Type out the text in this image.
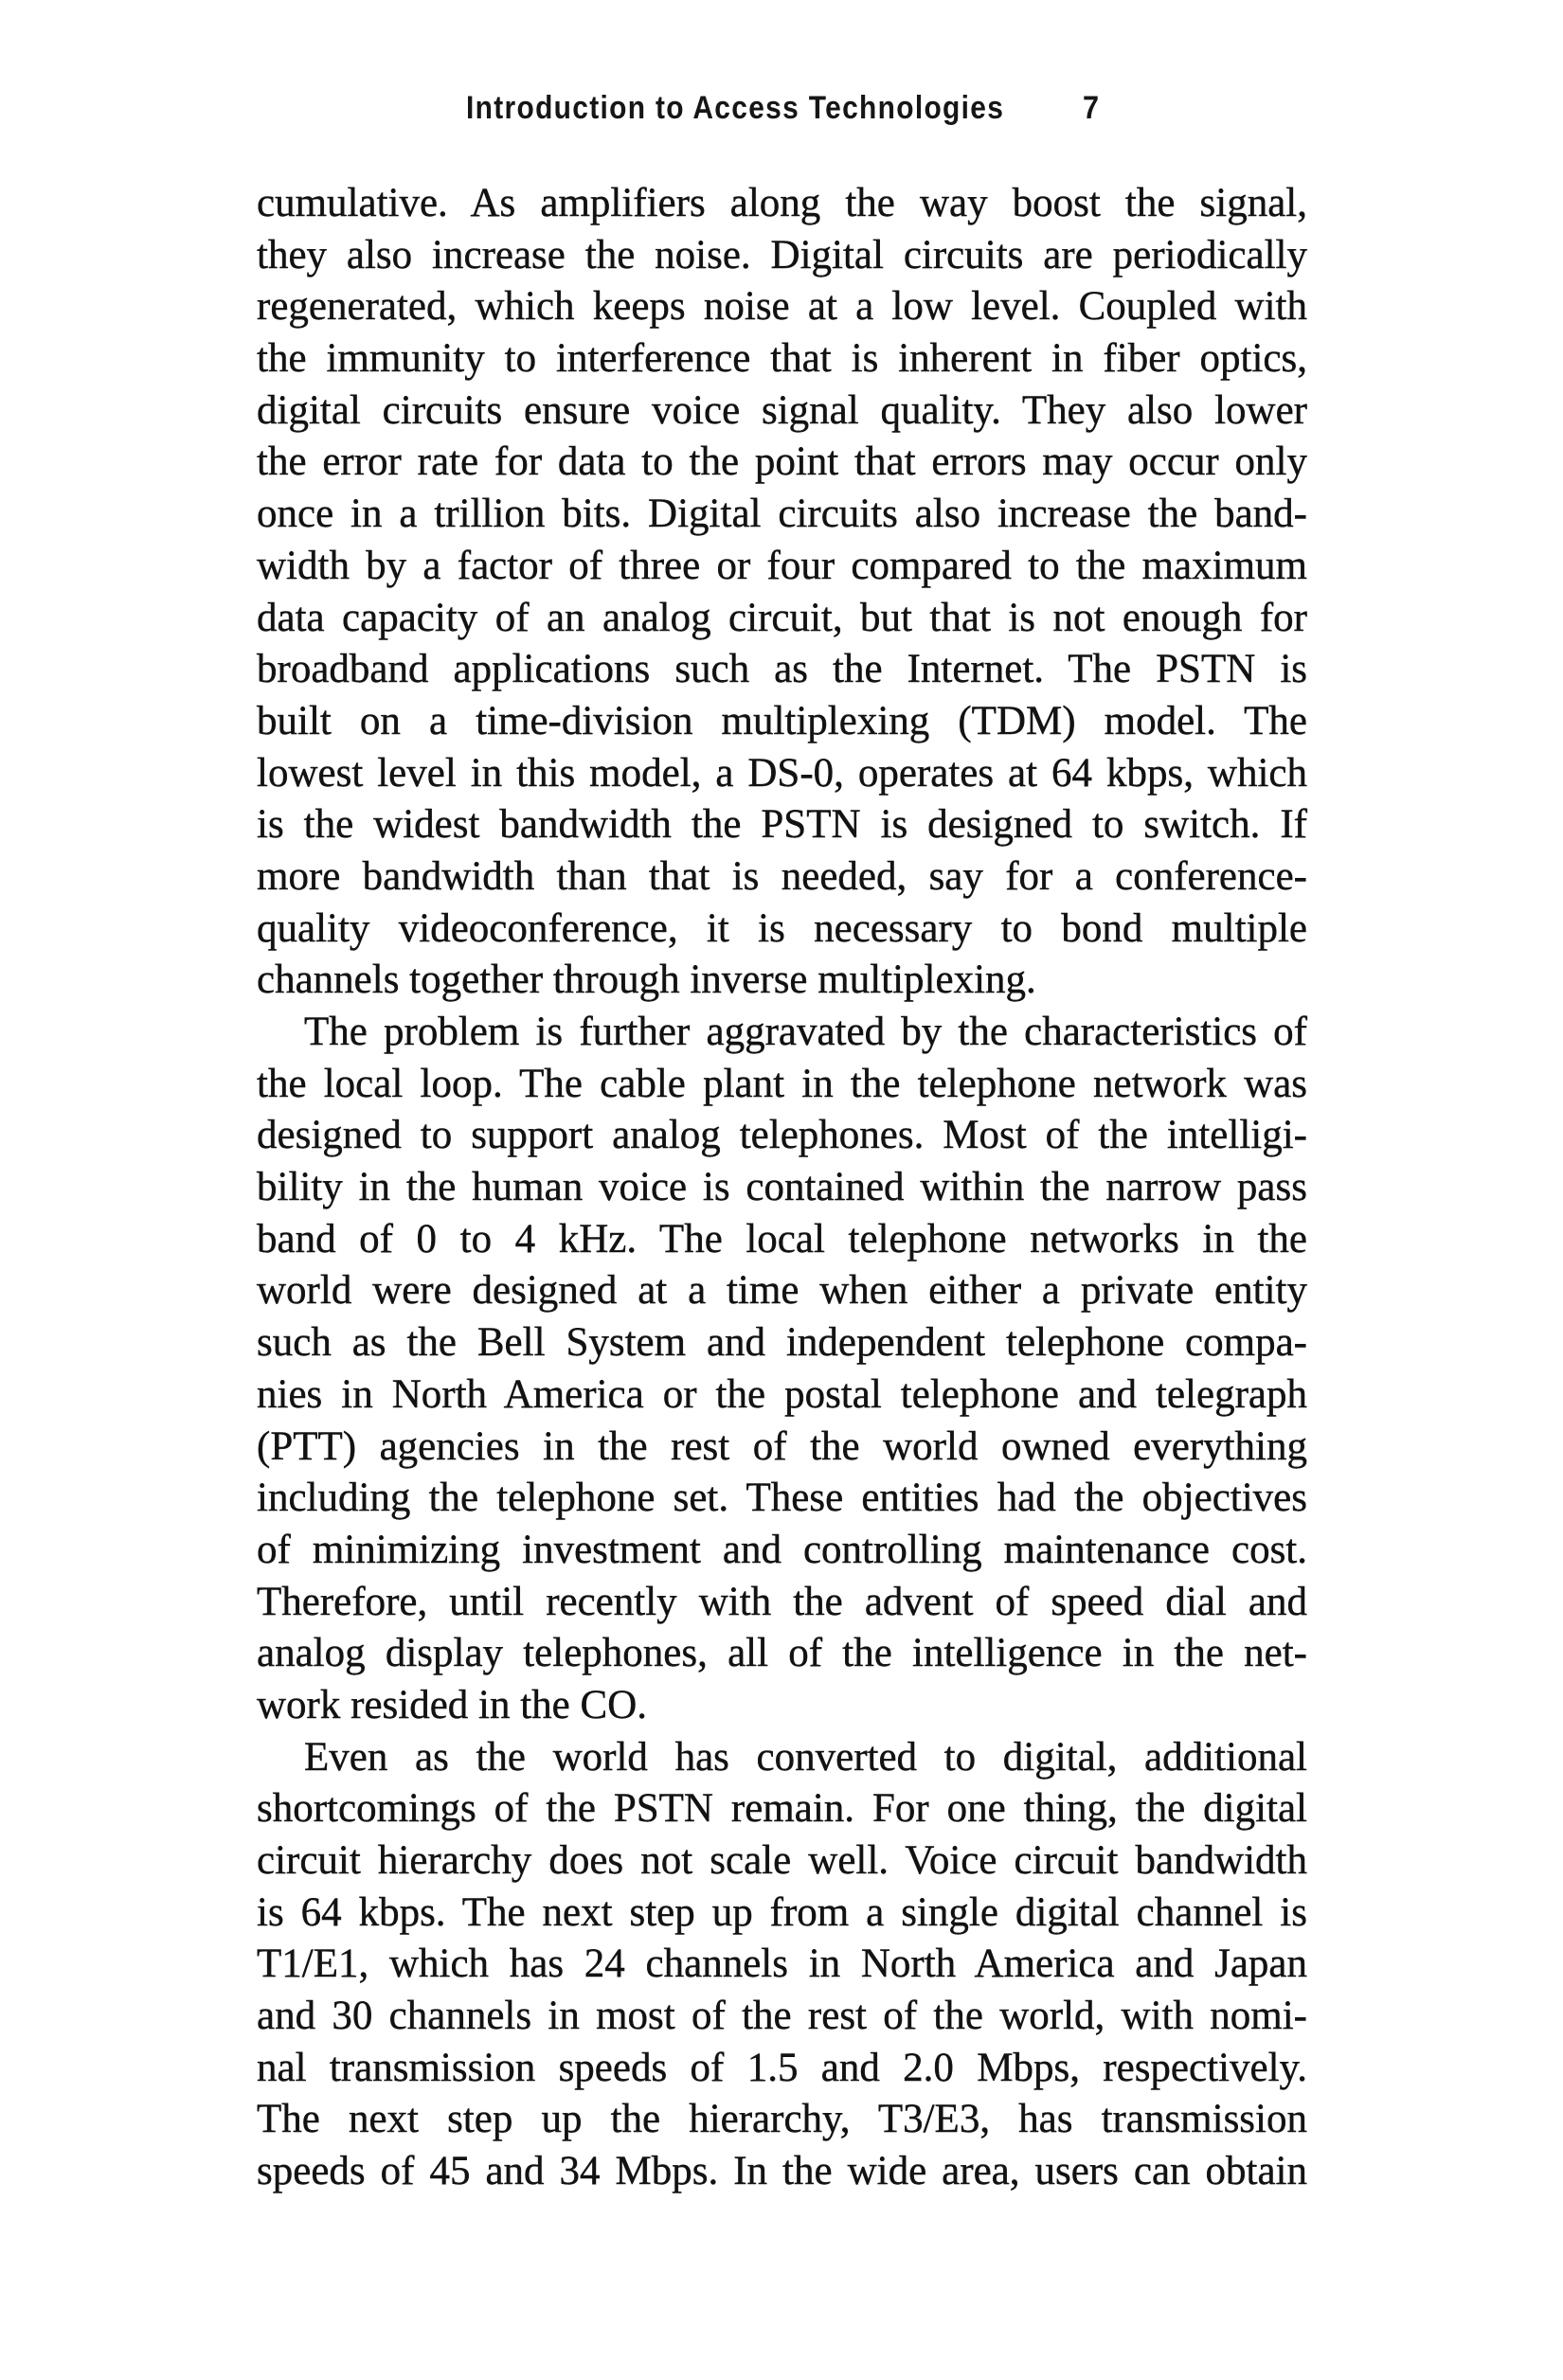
Introduction to Access Technologies 7
cumulative. As amplifiers along the way boost the signal,
they also increase the noise. Digital circuits are periodically
regenerated, which keeps noise at a low level. Coupled with
the immunity to interference that is inherent in fiber optics,
digital circuits ensure voice signal quality. They also lower
the error rate for data to the point that errors may occur only
once in a trillion bits. Digital circuits also increase the band-
width by a factor of three or four compared to the maximum
data capacity of an analog circuit, but that is not enough for
broadband applications such as the Internet. The PSTN is
built on a time-division multiplexing (TDM) model. The
lowest level in this model, a DS-0, operates at 64 kbps, which
is the widest bandwidth the PSTN is designed to switch. If
more bandwidth than that is needed, say for a conference-
quality videoconference, it is necessary to bond multiple
channels together through inverse multiplexing.
The problem is further aggravated by the characteristics of
the local loop. The cable plant in the telephone network was
designed to support analog telephones. Most of the intelligi-
bility in the human voice is contained within the narrow pass
band of 0 to 4 kHz. The local telephone networks in the
world were designed at a time when either a private entity
such as the Bell System and independent telephone compa-
nies in North America or the postal telephone and telegraph
(PTT) agencies in the rest of the world owned everything
including the telephone set. These entities had the objectives
of minimizing investment and controlling maintenance cost.
Therefore, until recently with the advent of speed dial and
analog display telephones, all of the intelligence in the net-
work resided in the CO.
Even as the world has converted to digital, additional
shortcomings of the PSTN remain. For one thing, the digital
circuit hierarchy does not scale well. Voice circuit bandwidth
is 64 kbps. The next step up from a single digital channel is
T1/E1, which has 24 channels in North America and Japan
and 30 channels in most of the rest of the world, with nomi-
nal transmission speeds of 1.5 and 2.0 Mbps, respectively.
The next step up the hierarchy, T3/E3, has transmission
speeds of 45 and 34 Mbps. In the wide area, users can obtain
